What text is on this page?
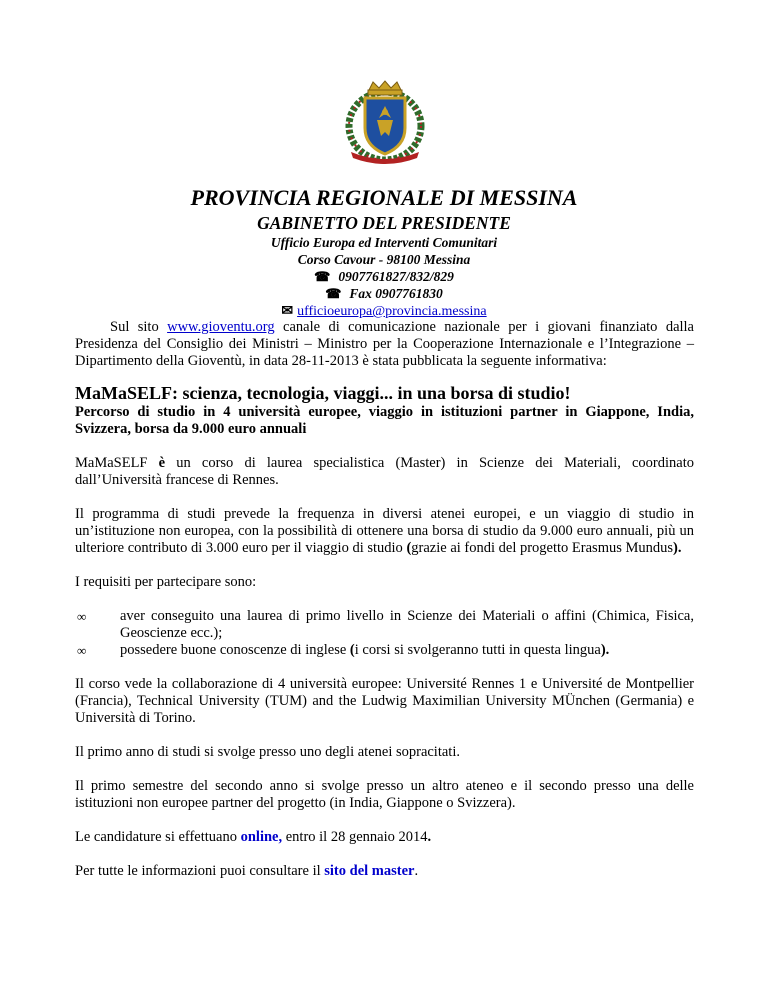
PROVINCIA REGIONALE DI MESSINA
GABINETTO DEL PRESIDENTE
Ufficio Europa ed Interventi Comunitari
Corso Cavour - 98100 Messina
☎ 0907761827/832/829
☎ Fax 0907761830
✉ ufficioeuropa@provincia.messina

Sul sito www.gioventu.org canale di comunicazione nazionale per i giovani finanziato dalla Presidenza del Consiglio dei Ministri – Ministro per la Cooperazione Internazionale e l’Integrazione – Dipartimento della Gioventù, in data 28-11-2013 è stata pubblicata la seguente informativa:

MaMaSELF: scienza, tecnologia, viaggi... in una borsa di studio!

Percorso di studio in 4 università europee, viaggio in istituzioni partner in Giappone, India, Svizzera, borsa da 9.000 euro annuali

MaMaSELF è un corso di laurea specialistica (Master) in Scienze dei Materiali, coordinato dall’Università francese di Rennes.

Il programma di studi prevede la frequenza in diversi atenei europei, e un viaggio di studio in un’istituzione non europea, con la possibilità di ottenere una borsa di studio da 9.000 euro annuali, più un ulteriore contributo di 3.000 euro per il viaggio di studio (grazie ai fondi del progetto Erasmus Mundus).

I requisiti per partecipare sono:

∞ aver conseguito una laurea di primo livello in Scienze dei Materiali o affini (Chimica, Fisica, Geoscienze ecc.);
∞ possedere buone conoscenze di inglese (i corsi si svolgeranno tutti in questa lingua).

Il corso vede la collaborazione di 4 università europee: Université Rennes 1 e Université de Montpellier (Francia), Technical University (TUM) and the Ludwig Maximilian University MÜnchen (Germania) e Università di Torino.

Il primo anno di studi si svolge presso uno degli atenei sopracitati.

Il primo semestre del secondo anno si svolge presso un altro ateneo e il secondo presso una delle istituzioni non europee partner del progetto (in India, Giappone o Svizzera).

Le candidature si effettuano online, entro il 28 gennaio 2014.

Per tutte le informazioni puoi consultare il sito del master.
